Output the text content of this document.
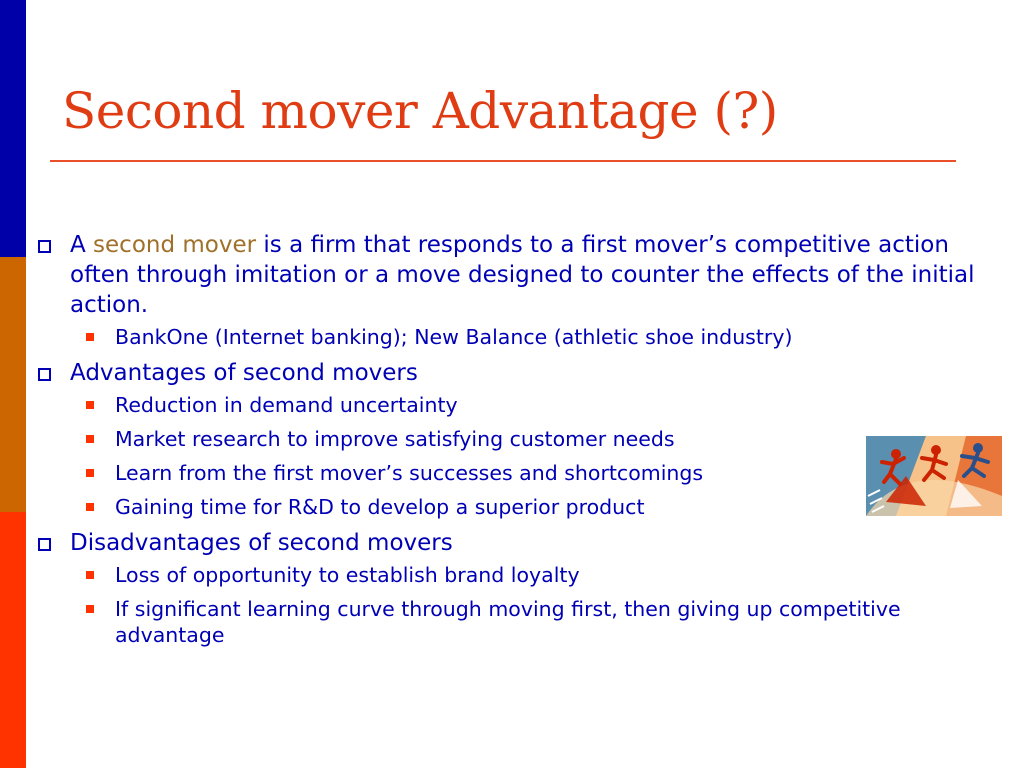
Second mover Advantage (?)
A second mover is a firm that responds to a first mover’s competitive action often through imitation or a move designed to counter the effects of the initial action.
BankOne (Internet banking); New Balance (athletic shoe industry)
Advantages of second movers
Reduction in demand uncertainty
Market research to improve satisfying customer needs
Learn from the first mover’s successes and shortcomings
Gaining time for R&D to develop a superior product
Disadvantages of second movers
Loss of opportunity to establish brand loyalty
If significant learning curve through moving first, then giving up competitive advantage
